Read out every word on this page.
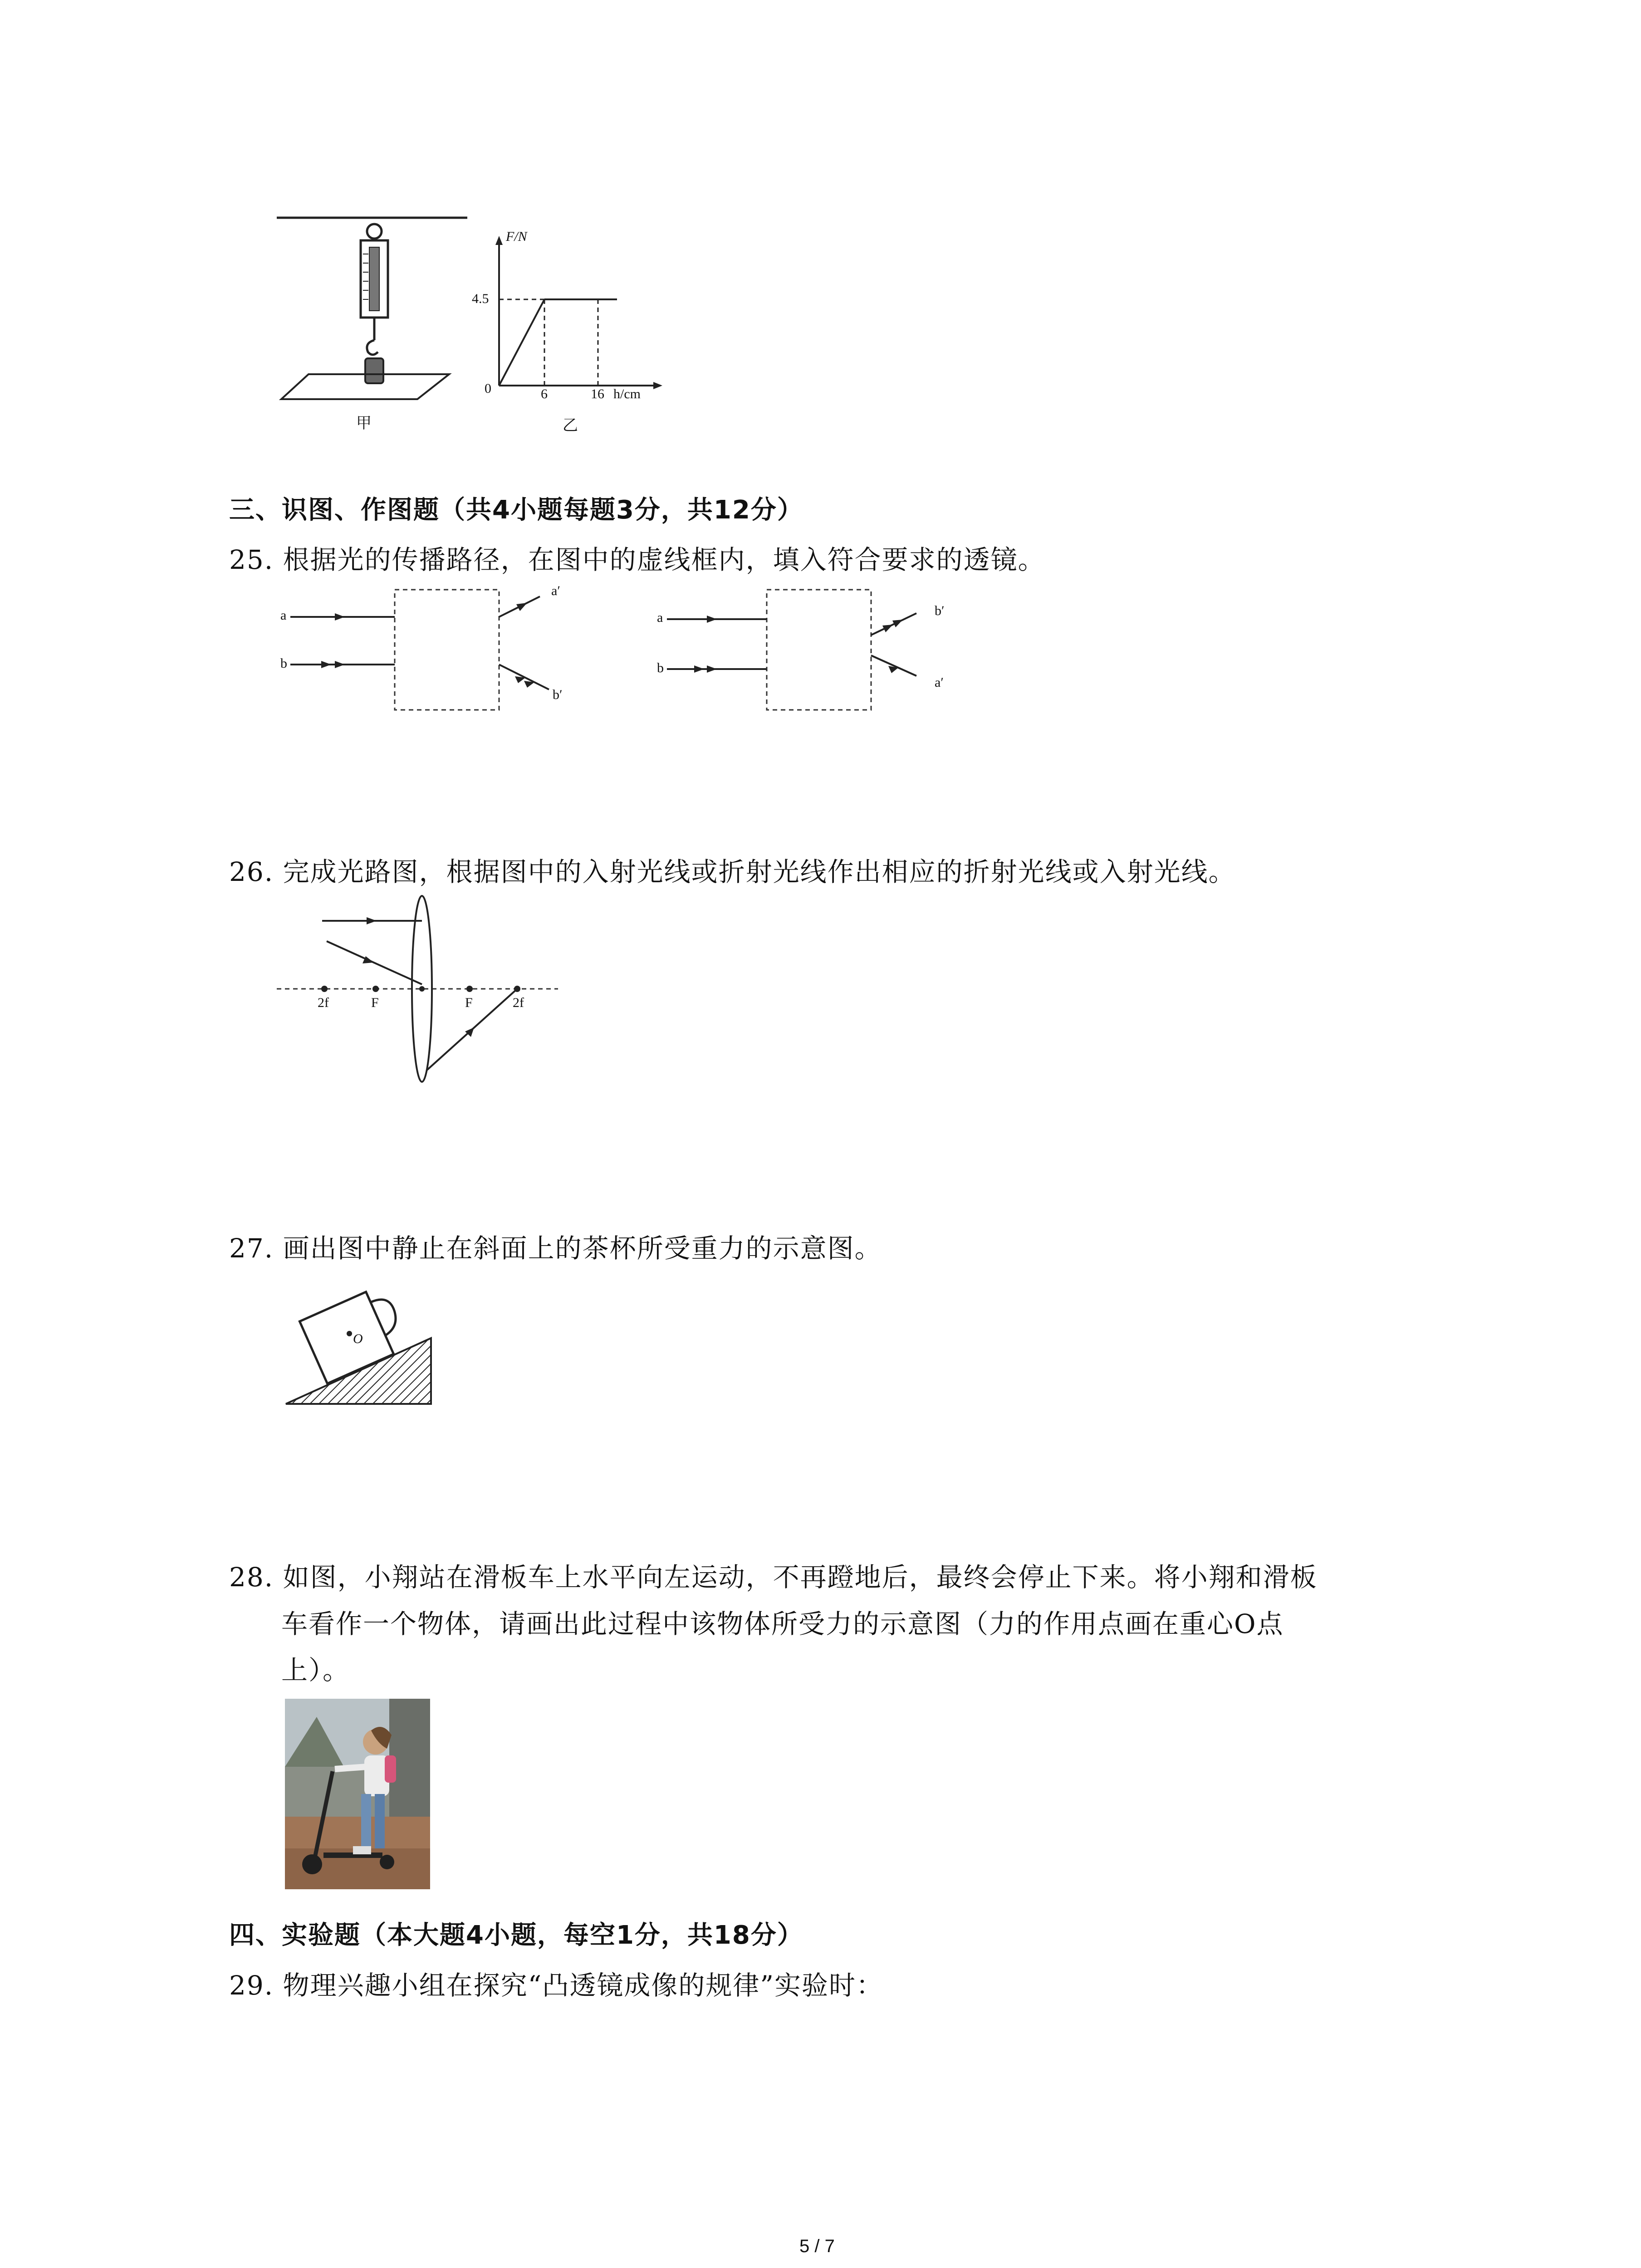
甲
F/N
4.5
0	6	16 h/cm
乙
三、识图、作图题（共4小题每题3分，共12分）
25. 根据光的传播路径，在图中的虚线框内，填入符合要求的透镜。
a
b
a′
b′
a
b
b′
a′
26. 完成光路图，根据图中的入射光线或折射光线作出相应的折射光线或入射光线。
2f	F	F	2f
27. 画出图中静止在斜面上的茶杯所受重力的示意图。
O
28. 如图，小翔站在滑板车上水平向左运动，不再蹬地后，最终会停止下来。将小翔和滑板
车看作一个物体，请画出此过程中该物体所受力的示意图（力的作用点画在重心O点
上）。
四、实验题（本大题4小题，每空1分，共18分）
29. 物理兴趣小组在探究“凸透镜成像的规律”实验时：
5 / 7
